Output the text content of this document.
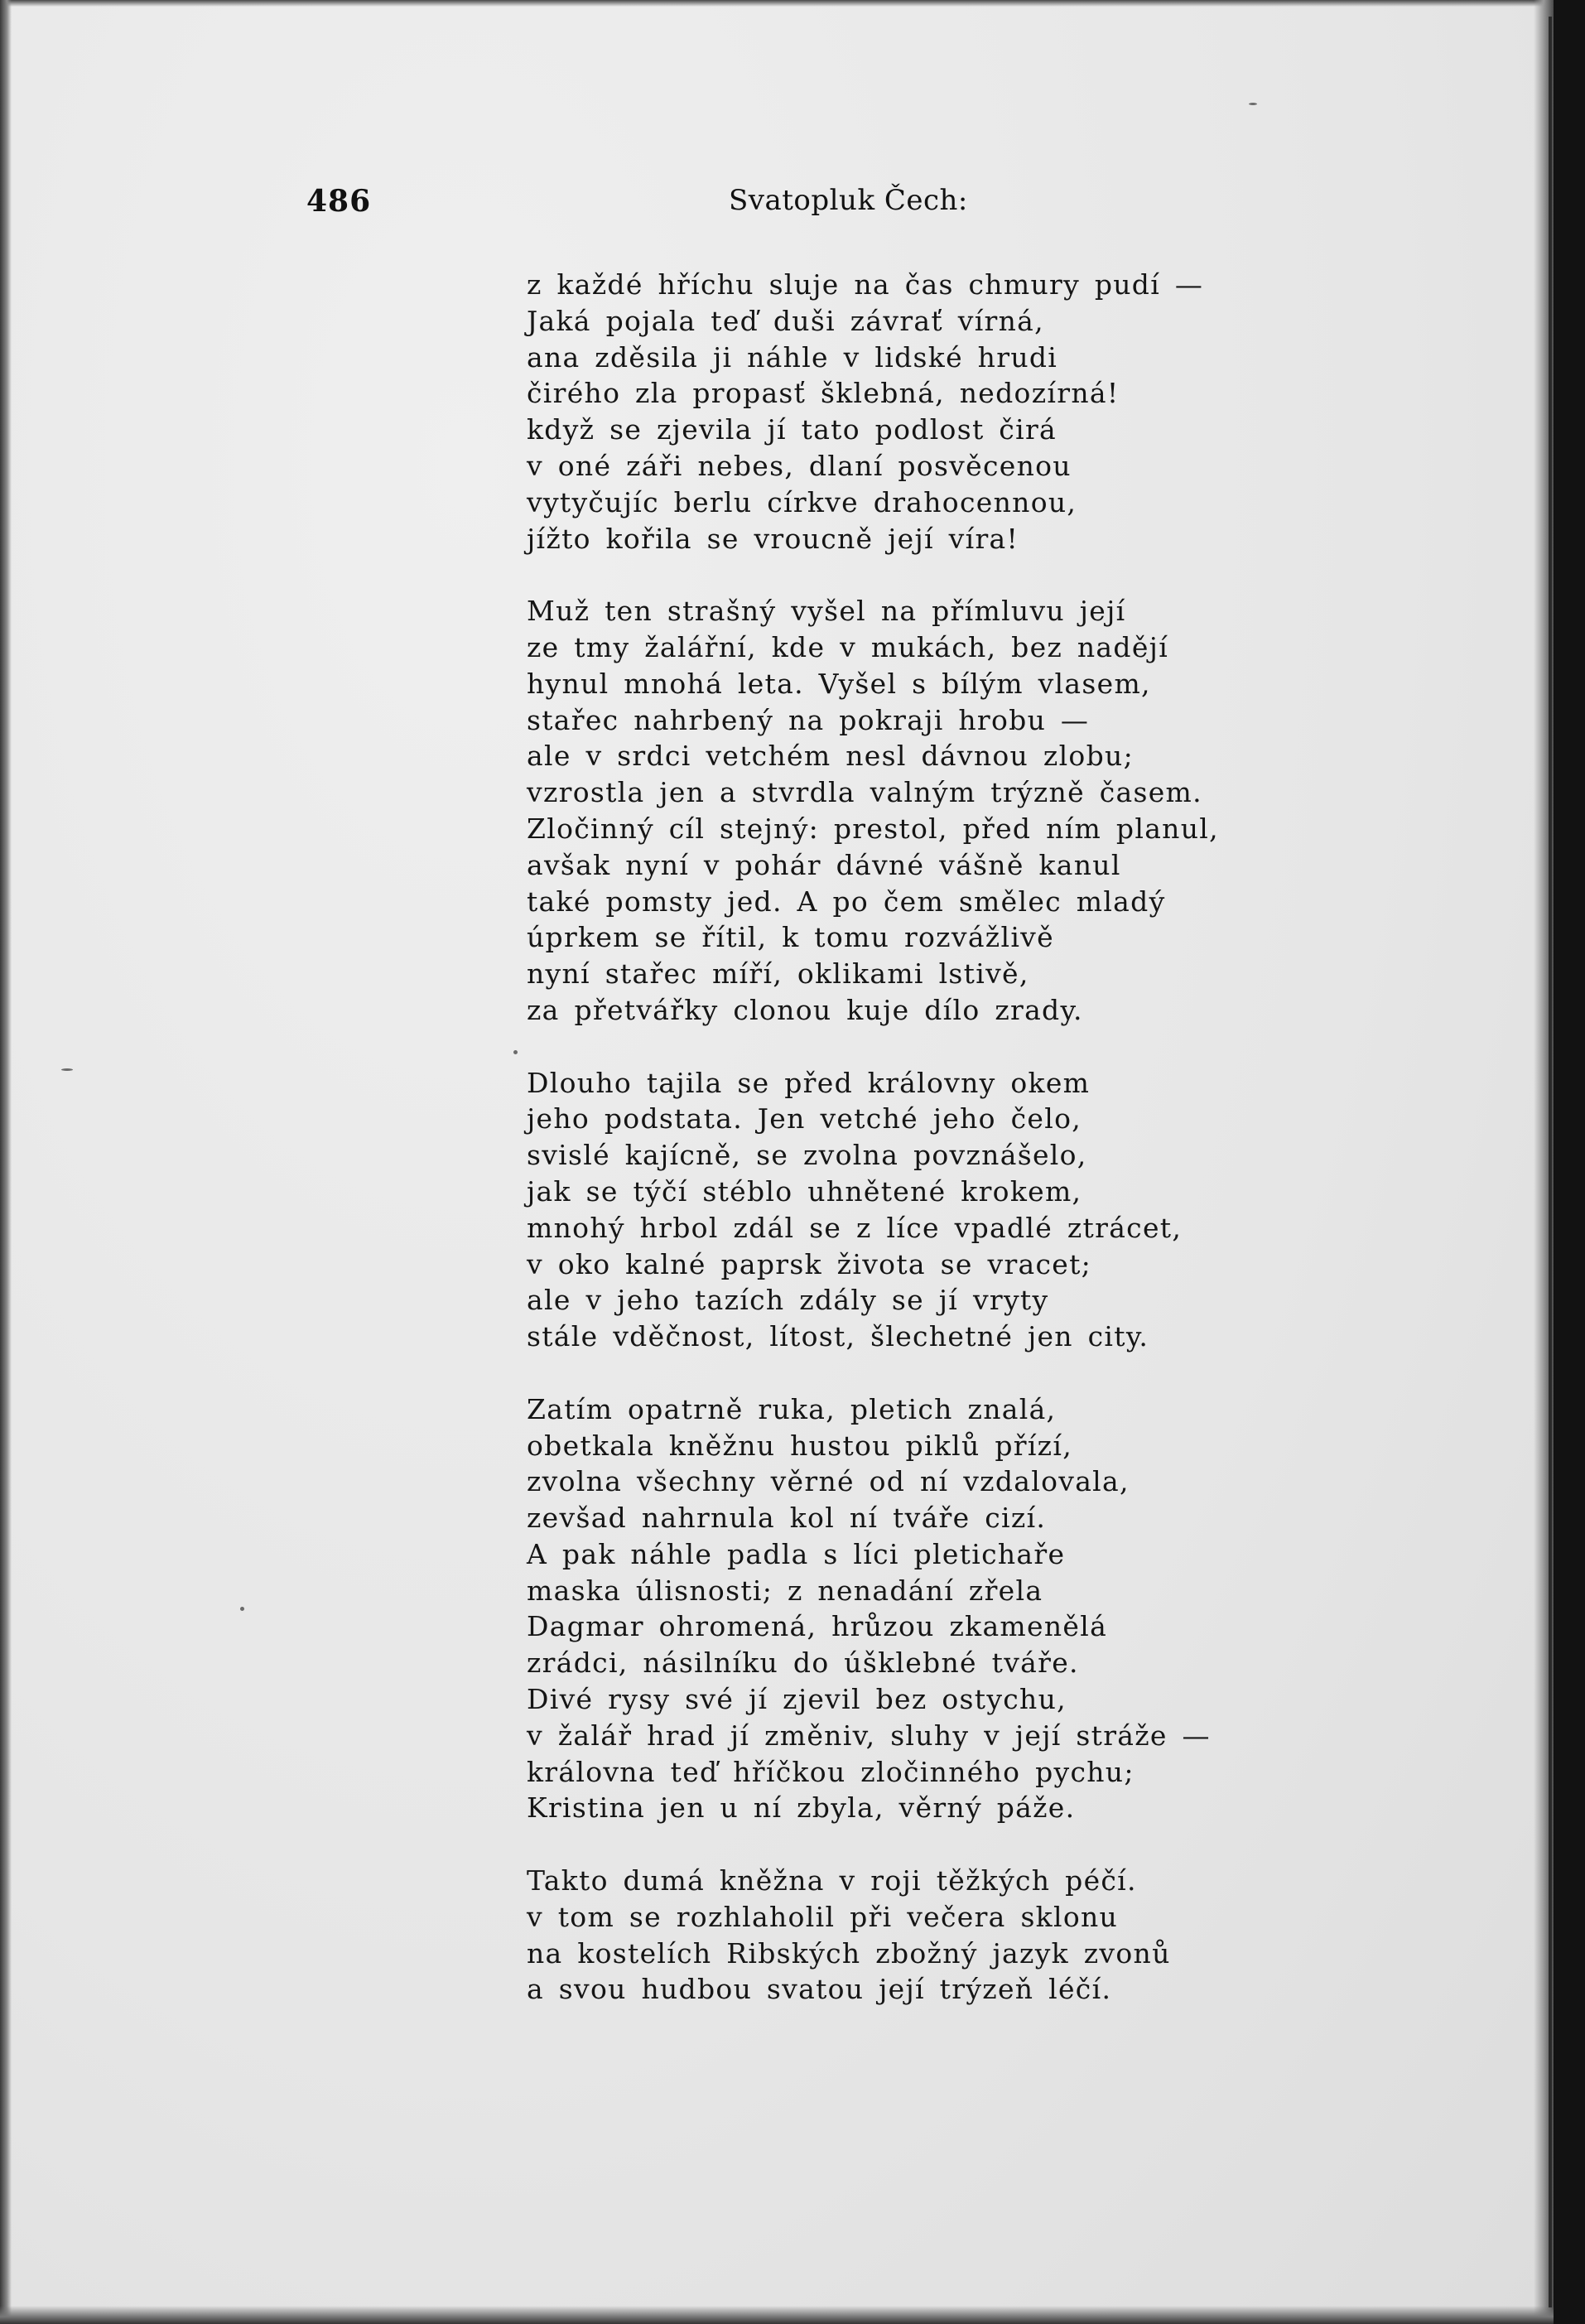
486	Svatopluk Čech:
z každé hříchu sluje na čas chmury pudí —
Jaká pojala teď duši závrať vírná,
ana zděsila ji náhle v lidské hrudi
čirého zla propasť šklebná, nedozírná!
když se zjevila jí tato podlost čirá
v oné záři nebes, dlaní posvěcenou
vytyčujíc berlu církve drahocennou,
jížto kořila se vroucně její víra!
Muž ten strašný vyšel na přímluvu její
ze tmy žalářní, kde v mukách, bez nadějí
hynul mnohá leta. Vyšel s bílým vlasem,
stařec nahrbený na pokraji hrobu —
ale v srdci vetchém nesl dávnou zlobu;
vzrostla jen a stvrdla valným trýzně časem.
Zločinný cíl stejný: prestol, před ním planul,
avšak nyní v pohár dávné vášně kanul
také pomsty jed. A po čem smělec mladý
úprkem se řítil, k tomu rozvážlivě
nyní stařec míří, oklikami lstivě,
za přetvářky clonou kuje dílo zrady.
Dlouho tajila se před královny okem
jeho podstata. Jen vetché jeho čelo,
svislé kajícně, se zvolna povznášelo,
jak se týčí stéblo uhnětené krokem,
mnohý hrbol zdál se z líce vpadlé ztrácet,
v oko kalné paprsk života se vracet;
ale v jeho tazích zdály se jí vryty
stále vděčnost, lítost, šlechetné jen city.
Zatím opatrně ruka, pletich znalá,
obetkala kněžnu hustou piklů přízí,
zvolna všechny věrné od ní vzdalovala,
zevšad nahrnula kol ní tváře cizí.
A pak náhle padla s líci pletichaře
maska úlisnosti; z nenadání zřela
Dagmar ohromená, hrůzou zkamenělá
zrádci, násilníku do úšklebné tváře.
Divé rysy své jí zjevil bez ostychu,
v žalář hrad jí změniv, sluhy v její stráže —
královna teď hříčkou zločinného pychu;
Kristina jen u ní zbyla, věrný páže.
Takto dumá kněžna v roji těžkých péčí.
v tom se rozhlaholil při večera sklonu
na kostelích Ribských zbožný jazyk zvonů
a svou hudbou svatou její trýzeň léčí.
